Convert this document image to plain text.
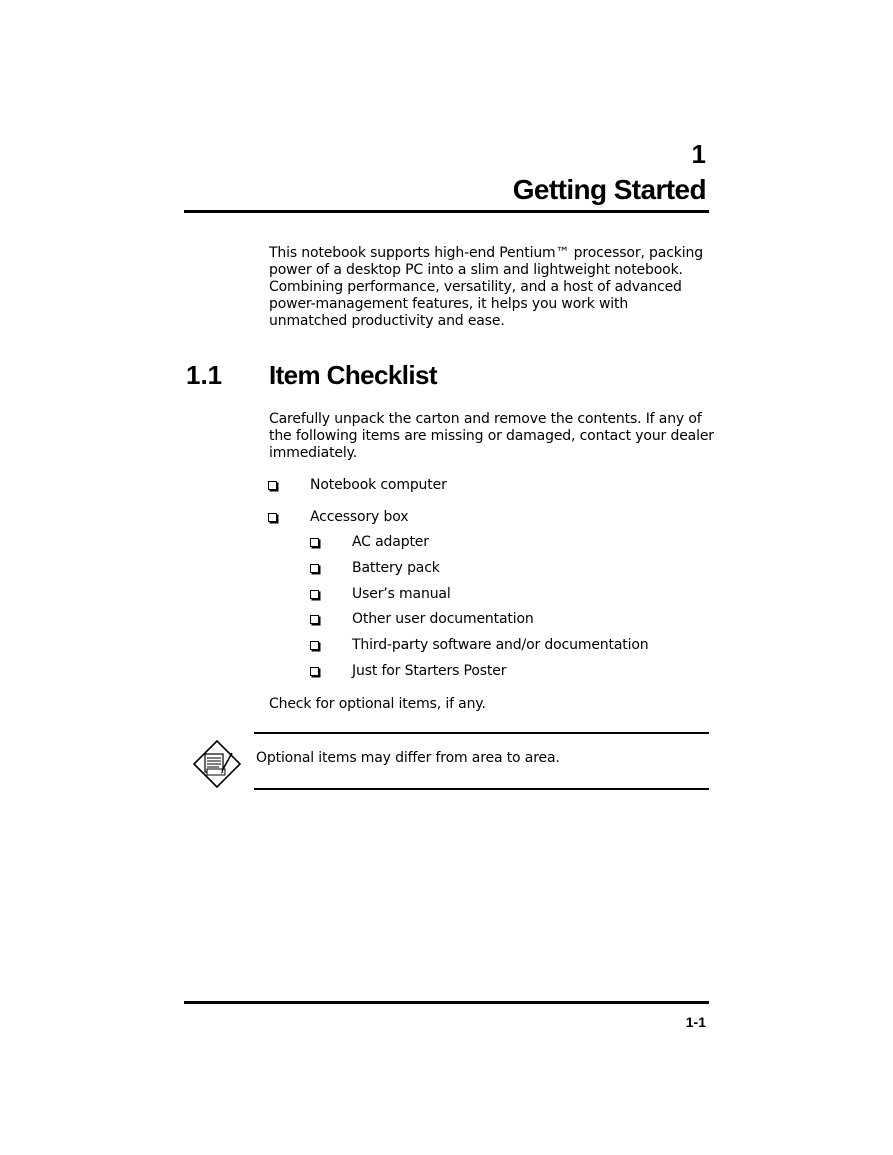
1
Getting Started
This notebook supports high-end Pentium™ processor, packing power of a desktop PC into a slim and lightweight notebook. Combining performance, versatility, and a host of advanced power-management features, it helps you work with unmatched productivity and ease.
1.1 Item Checklist
Carefully unpack the carton and remove the contents. If any of the following items are missing or damaged, contact your dealer immediately.
Notebook computer
Accessory box
AC adapter
Battery pack
User’s manual
Other user documentation
Third-party software and/or documentation
Just for Starters Poster
Check for optional items, if any.
Optional items may differ from area to area.
1-1
